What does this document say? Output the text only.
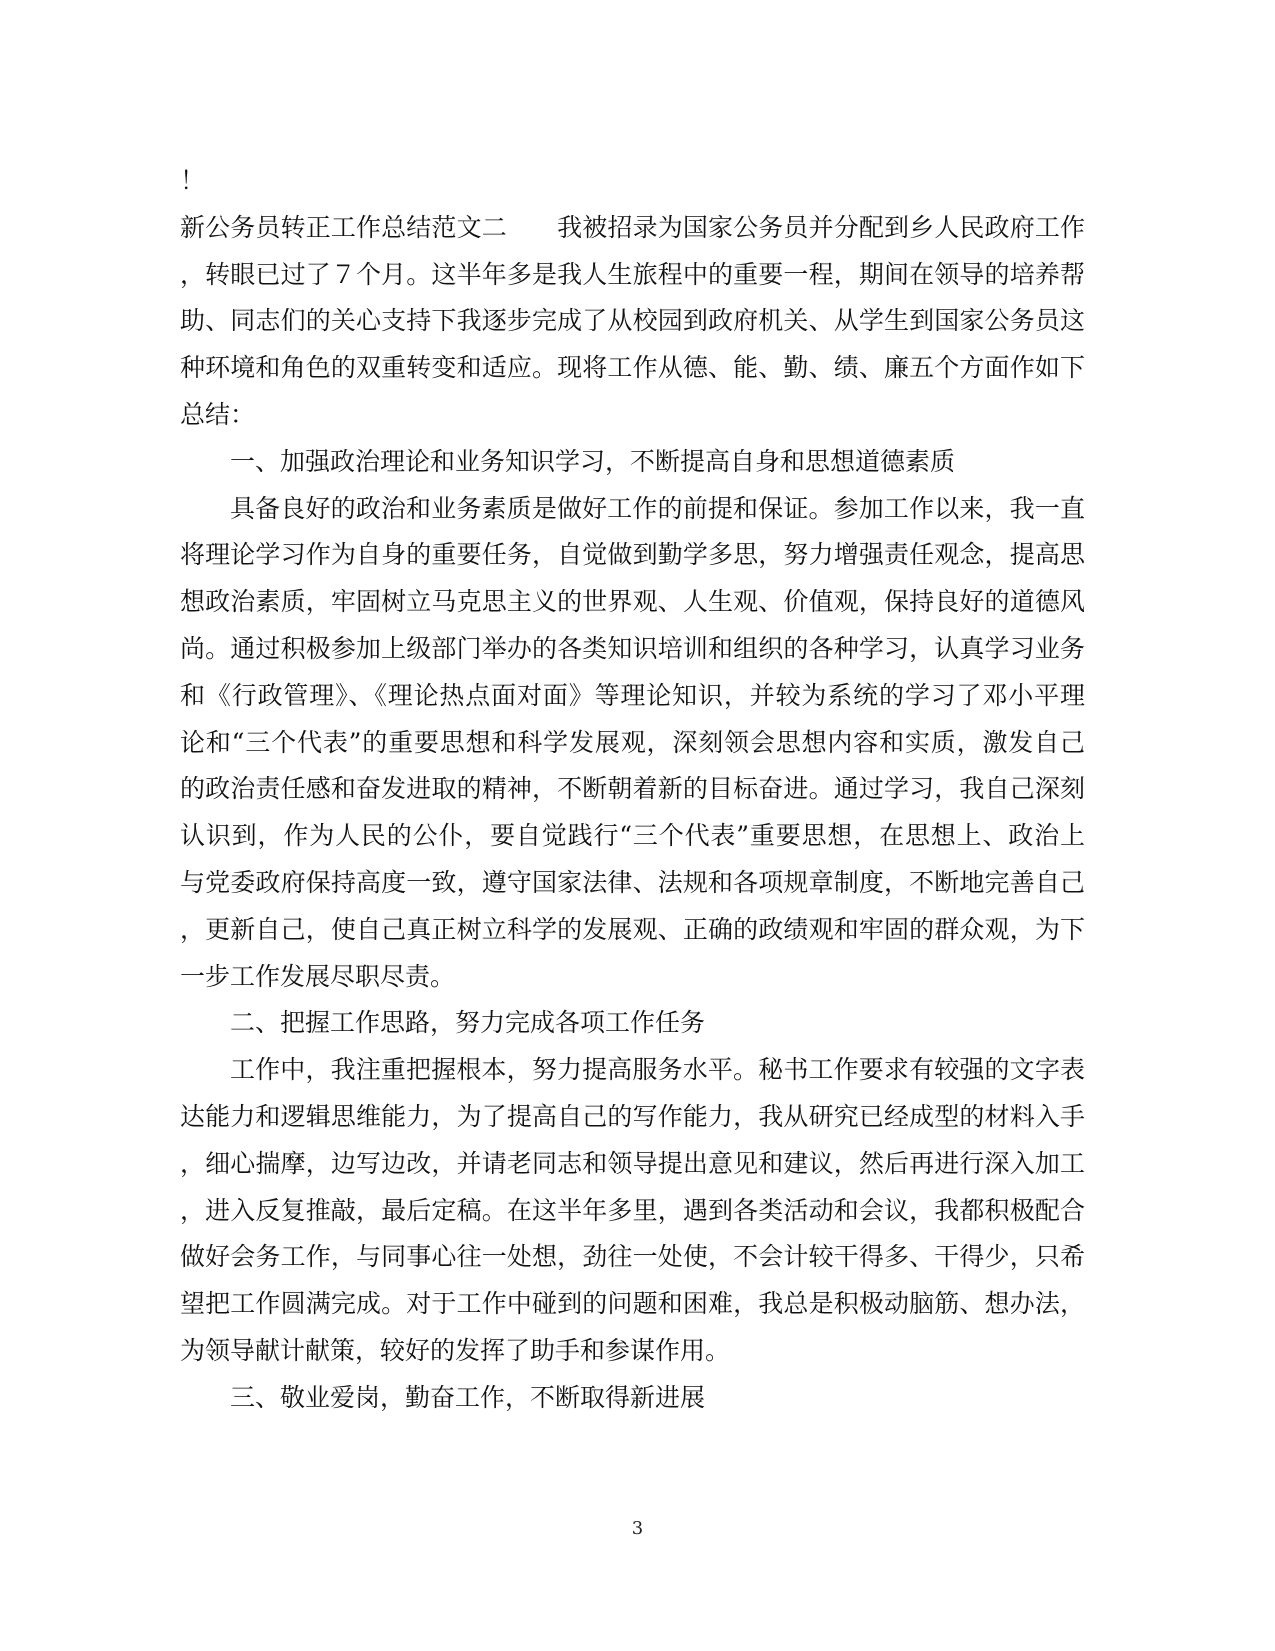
！
新公务员转正工作总结范文二　　我被招录为国家公务员并分配到乡人民政府工作
，转眼已过了７个月。这半年多是我人生旅程中的重要一程，期间在领导的培养帮
助、同志们的关心支持下我逐步完成了从校园到政府机关、从学生到国家公务员这
种环境和角色的双重转变和适应。现将工作从德、能、勤、绩、廉五个方面作如下
总结：
一、加强政治理论和业务知识学习，不断提高自身和思想道德素质
具备良好的政治和业务素质是做好工作的前提和保证。参加工作以来，我一直
将理论学习作为自身的重要任务，自觉做到勤学多思，努力增强责任观念，提高思
想政治素质，牢固树立马克思主义的世界观、人生观、价值观，保持良好的道德风
尚。通过积极参加上级部门举办的各类知识培训和组织的各种学习，认真学习业务
和《行政管理》、《理论热点面对面》等理论知识，并较为系统的学习了邓小平理
论和“三个代表”的重要思想和科学发展观，深刻领会思想内容和实质，激发自己
的政治责任感和奋发进取的精神，不断朝着新的目标奋进。通过学习，我自己深刻
认识到，作为人民的公仆，要自觉践行“三个代表”重要思想，在思想上、政治上
与党委政府保持高度一致，遵守国家法律、法规和各项规章制度，不断地完善自己
，更新自己，使自己真正树立科学的发展观、正确的政绩观和牢固的群众观，为下
一步工作发展尽职尽责。
二、把握工作思路，努力完成各项工作任务
工作中，我注重把握根本，努力提高服务水平。秘书工作要求有较强的文字表
达能力和逻辑思维能力，为了提高自己的写作能力，我从研究已经成型的材料入手
，细心揣摩，边写边改，并请老同志和领导提出意见和建议，然后再进行深入加工
，进入反复推敲，最后定稿。在这半年多里，遇到各类活动和会议，我都积极配合
做好会务工作，与同事心往一处想，劲往一处使，不会计较干得多、干得少，只希
望把工作圆满完成。对于工作中碰到的问题和困难，我总是积极动脑筋、想办法，
为领导献计献策，较好的发挥了助手和参谋作用。
三、敬业爱岗，勤奋工作，不断取得新进展
3
